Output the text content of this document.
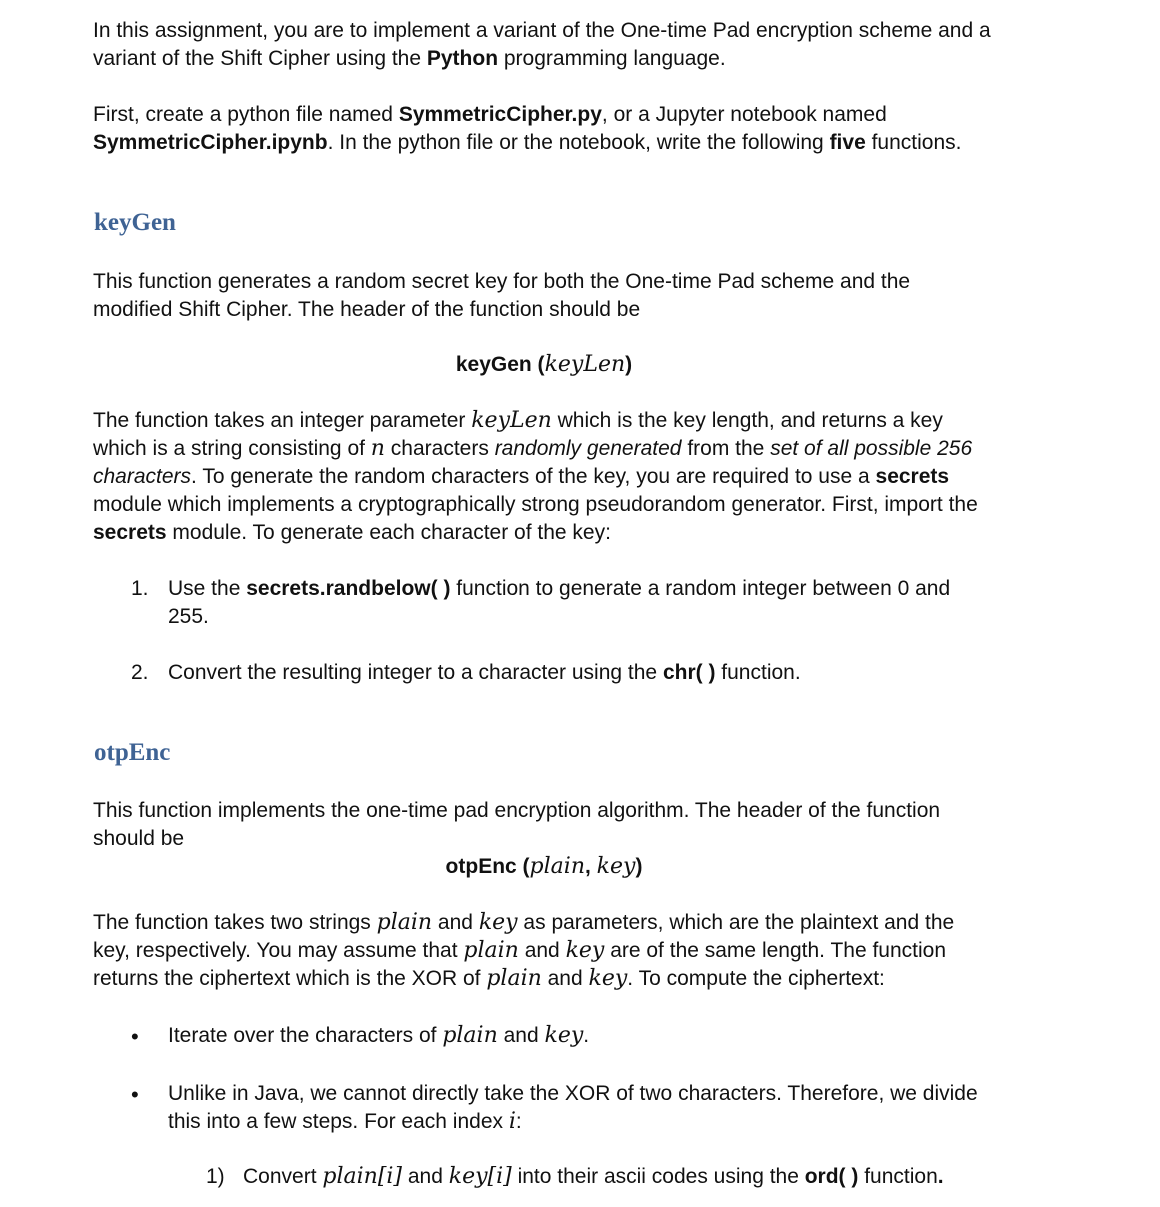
In this assignment, you are to implement a variant of the One-time Pad encryption scheme and a variant of the Shift Cipher using the Python programming language.
First, create a python file named SymmetricCipher.py, or a Jupyter notebook named SymmetricCipher.ipynb. In the python file or the notebook, write the following five functions.
keyGen
This function generates a random secret key for both the One-time Pad scheme and the modified Shift Cipher. The header of the function should be
keyGen (keyLen)
The function takes an integer parameter keyLen which is the key length, and returns a key which is a string consisting of n characters randomly generated from the set of all possible 256 characters. To generate the random characters of the key, you are required to use a secrets module which implements a cryptographically strong pseudorandom generator. First, import the secrets module. To generate each character of the key:
1. Use the secrets.randbelow( ) function to generate a random integer between 0 and 255.
2. Convert the resulting integer to a character using the chr( ) function.
otpEnc
This function implements the one-time pad encryption algorithm. The header of the function should be
otpEnc (plain, key)
The function takes two strings plain and key as parameters, which are the plaintext and the key, respectively. You may assume that plain and key are of the same length. The function returns the ciphertext which is the XOR of plain and key. To compute the ciphertext:
• Iterate over the characters of plain and key.
• Unlike in Java, we cannot directly take the XOR of two characters. Therefore, we divide this into a few steps. For each index i:
1) Convert plain[i] and key[i] into their ascii codes using the ord( ) function.
